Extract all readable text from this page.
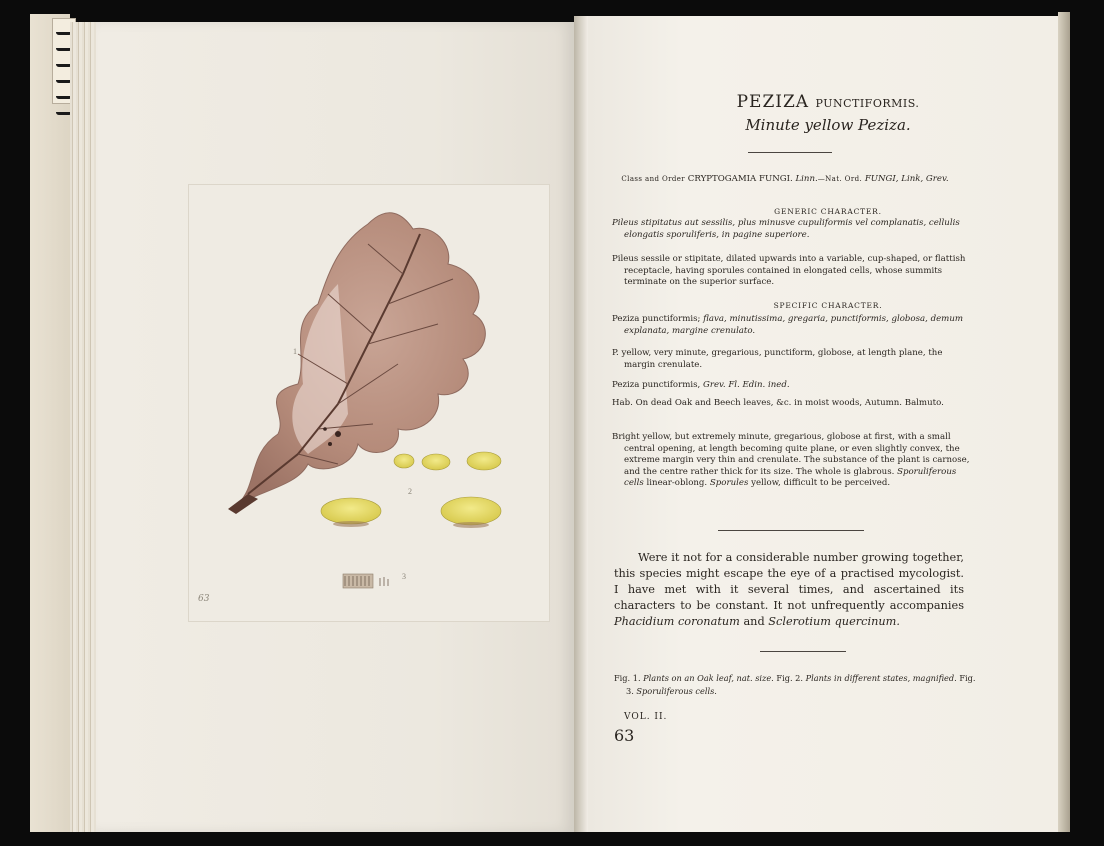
1
2
3
63
PEZIZA PUNCTIFORMIS.
Minute yellow Peziza.
Class and Order CRYPTOGAMIA FUNGI. Linn.—Nat. Ord. FUNGI, Link, Grev.
GENERIC CHARACTER.
Pileus stipitatus aut sessilis, plus minusve cupuliformis vel complanatis, cellulis elongatis sporuliferis, in pagine superiore.
Pileus sessile or stipitate, dilated upwards into a variable, cup-shaped, or flattish receptacle, having sporules contained in elongated cells, whose summits terminate on the superior surface.
SPECIFIC CHARACTER.
Peziza punctiformis; flava, minutissima, gregaria, punctiformis, globosa, demum explanata, margine crenulato.
P. yellow, very minute, gregarious, punctiform, globose, at length plane, the margin crenulate.
Peziza punctiformis, Grev. Fl. Edin. ined.
Hab. On dead Oak and Beech leaves, &c. in moist woods, Autumn. Balmuto.
Bright yellow, but extremely minute, gregarious, globose at first, with a small central opening, at length becoming quite plane, or even slightly convex, the extreme margin very thin and crenulate. The substance of the plant is carnose, and the centre rather thick for its size. The whole is glabrous. Sporuliferous cells linear-oblong. Sporules yellow, difficult to be perceived.
Were it not for a considerable number growing together, this species might escape the eye of a practised mycologist. I have met with it several times, and ascertained its characters to be constant. It not unfrequently accompanies Phacidium coronatum and Sclerotium quercinum.
Fig. 1. Plants on an Oak leaf, nat. size. Fig. 2. Plants in different states, magnified. Fig. 3. Sporuliferous cells.
VOL. II.
63
